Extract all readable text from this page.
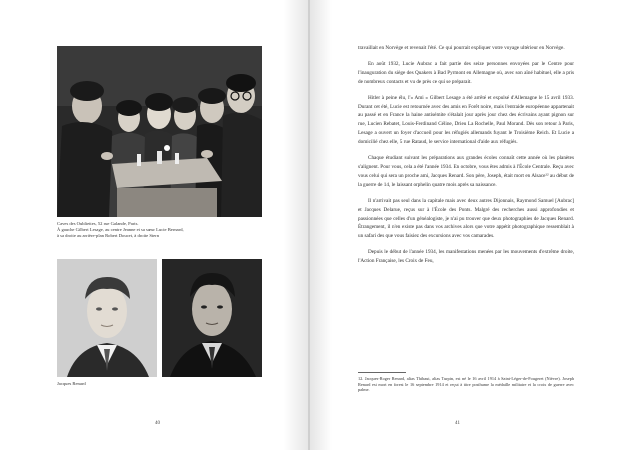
Caves des Oubliettes, 52 rue Galande, Paris.
À gauche Gilbert Lesage, au centre Jeanne et sa sœur Lucie Bernard,
à sa droite au arrière-plan Robert Doucet, à droite Stern
Jacques Renard
40

travaillait en Norvège et revenait l'été. Ce qui pourrait expliquer votre voyage ultérieur en Norvège.

En août 1932, Lucie Aubrac a fait partie des seize personnes envoyées par le Centre pour l'inauguration du siège des Quakers à Bad Pyrmont en Allemagne où, avec son aîné habituel, elle a pris de nombreux contacts et vu de près ce qui se préparait.

Hitler à peine élu, l'« Ami » Gilbert Lesage a été arrêté et expulsé d'Allemagne le 15 avril 1933. Durant cet été, Lucie est retournée avec des amis en Forêt noire, mais l'entraide européenne appartenait au passé et en France la haine antisémite s'étalait jour après jour chez des écrivains ayant pignon sur rue, Lucien Rebatet, Louis-Ferdinand Céline, Drieu La Rochelle, Paul Morand. Dès son retour à Paris, Lesage a ouvert un foyer d'accueil pour les réfugiés allemands fuyant le Troisième Reich. Et Lucie a domicilié chez elle, 5 rue Rataud, le service international d'aide aux réfugiés.

Chaque étudiant suivant les préparations aux grandes écoles connaît cette année où les planètes s'alignent. Pour vous, cela a été l'année 1934. En octobre, vous êtes admis à l'École Centrale. Reçu avec vous celui qui sera un proche ami, Jacques Renard. Son père, Joseph, était mort en Alsace¹² au début de la guerre de 14, le laissant orphelin quatre mois après sa naissance.

Il n'arrivait pas seul dans la capitale mais avec deux autres Dijonnais, Raymond Samuel [Aubrac] et Jacques Delarue, reçus sur à l'École des Ponts. Malgré des recherches aussi approfondies et passionnées que celles d'un généalogiste, je n'ai pu trouver que deux photographies de Jacques Renard. Étrangement, il n'en existe pas dans vos archives alors que votre appétit photographique ressemblait à un safari des que vous faisiez des excursions avec vos camarades.

Depuis le début de l'année 1934, les manifestations menées par les mouvements d'extrême droite, l'Action Française, les Croix de Feu,

12. Jacques-Roger Renard, alias Thibaut, alias Turpin, est né le 16 avril 1914 à Saint-Léger-de-Fougeret (Nièvre). Joseph Renard est mort en forest le 16 septembre 1914 et reçut à titre posthume la médaille militaire et la croix de guerre avec palme.
41
